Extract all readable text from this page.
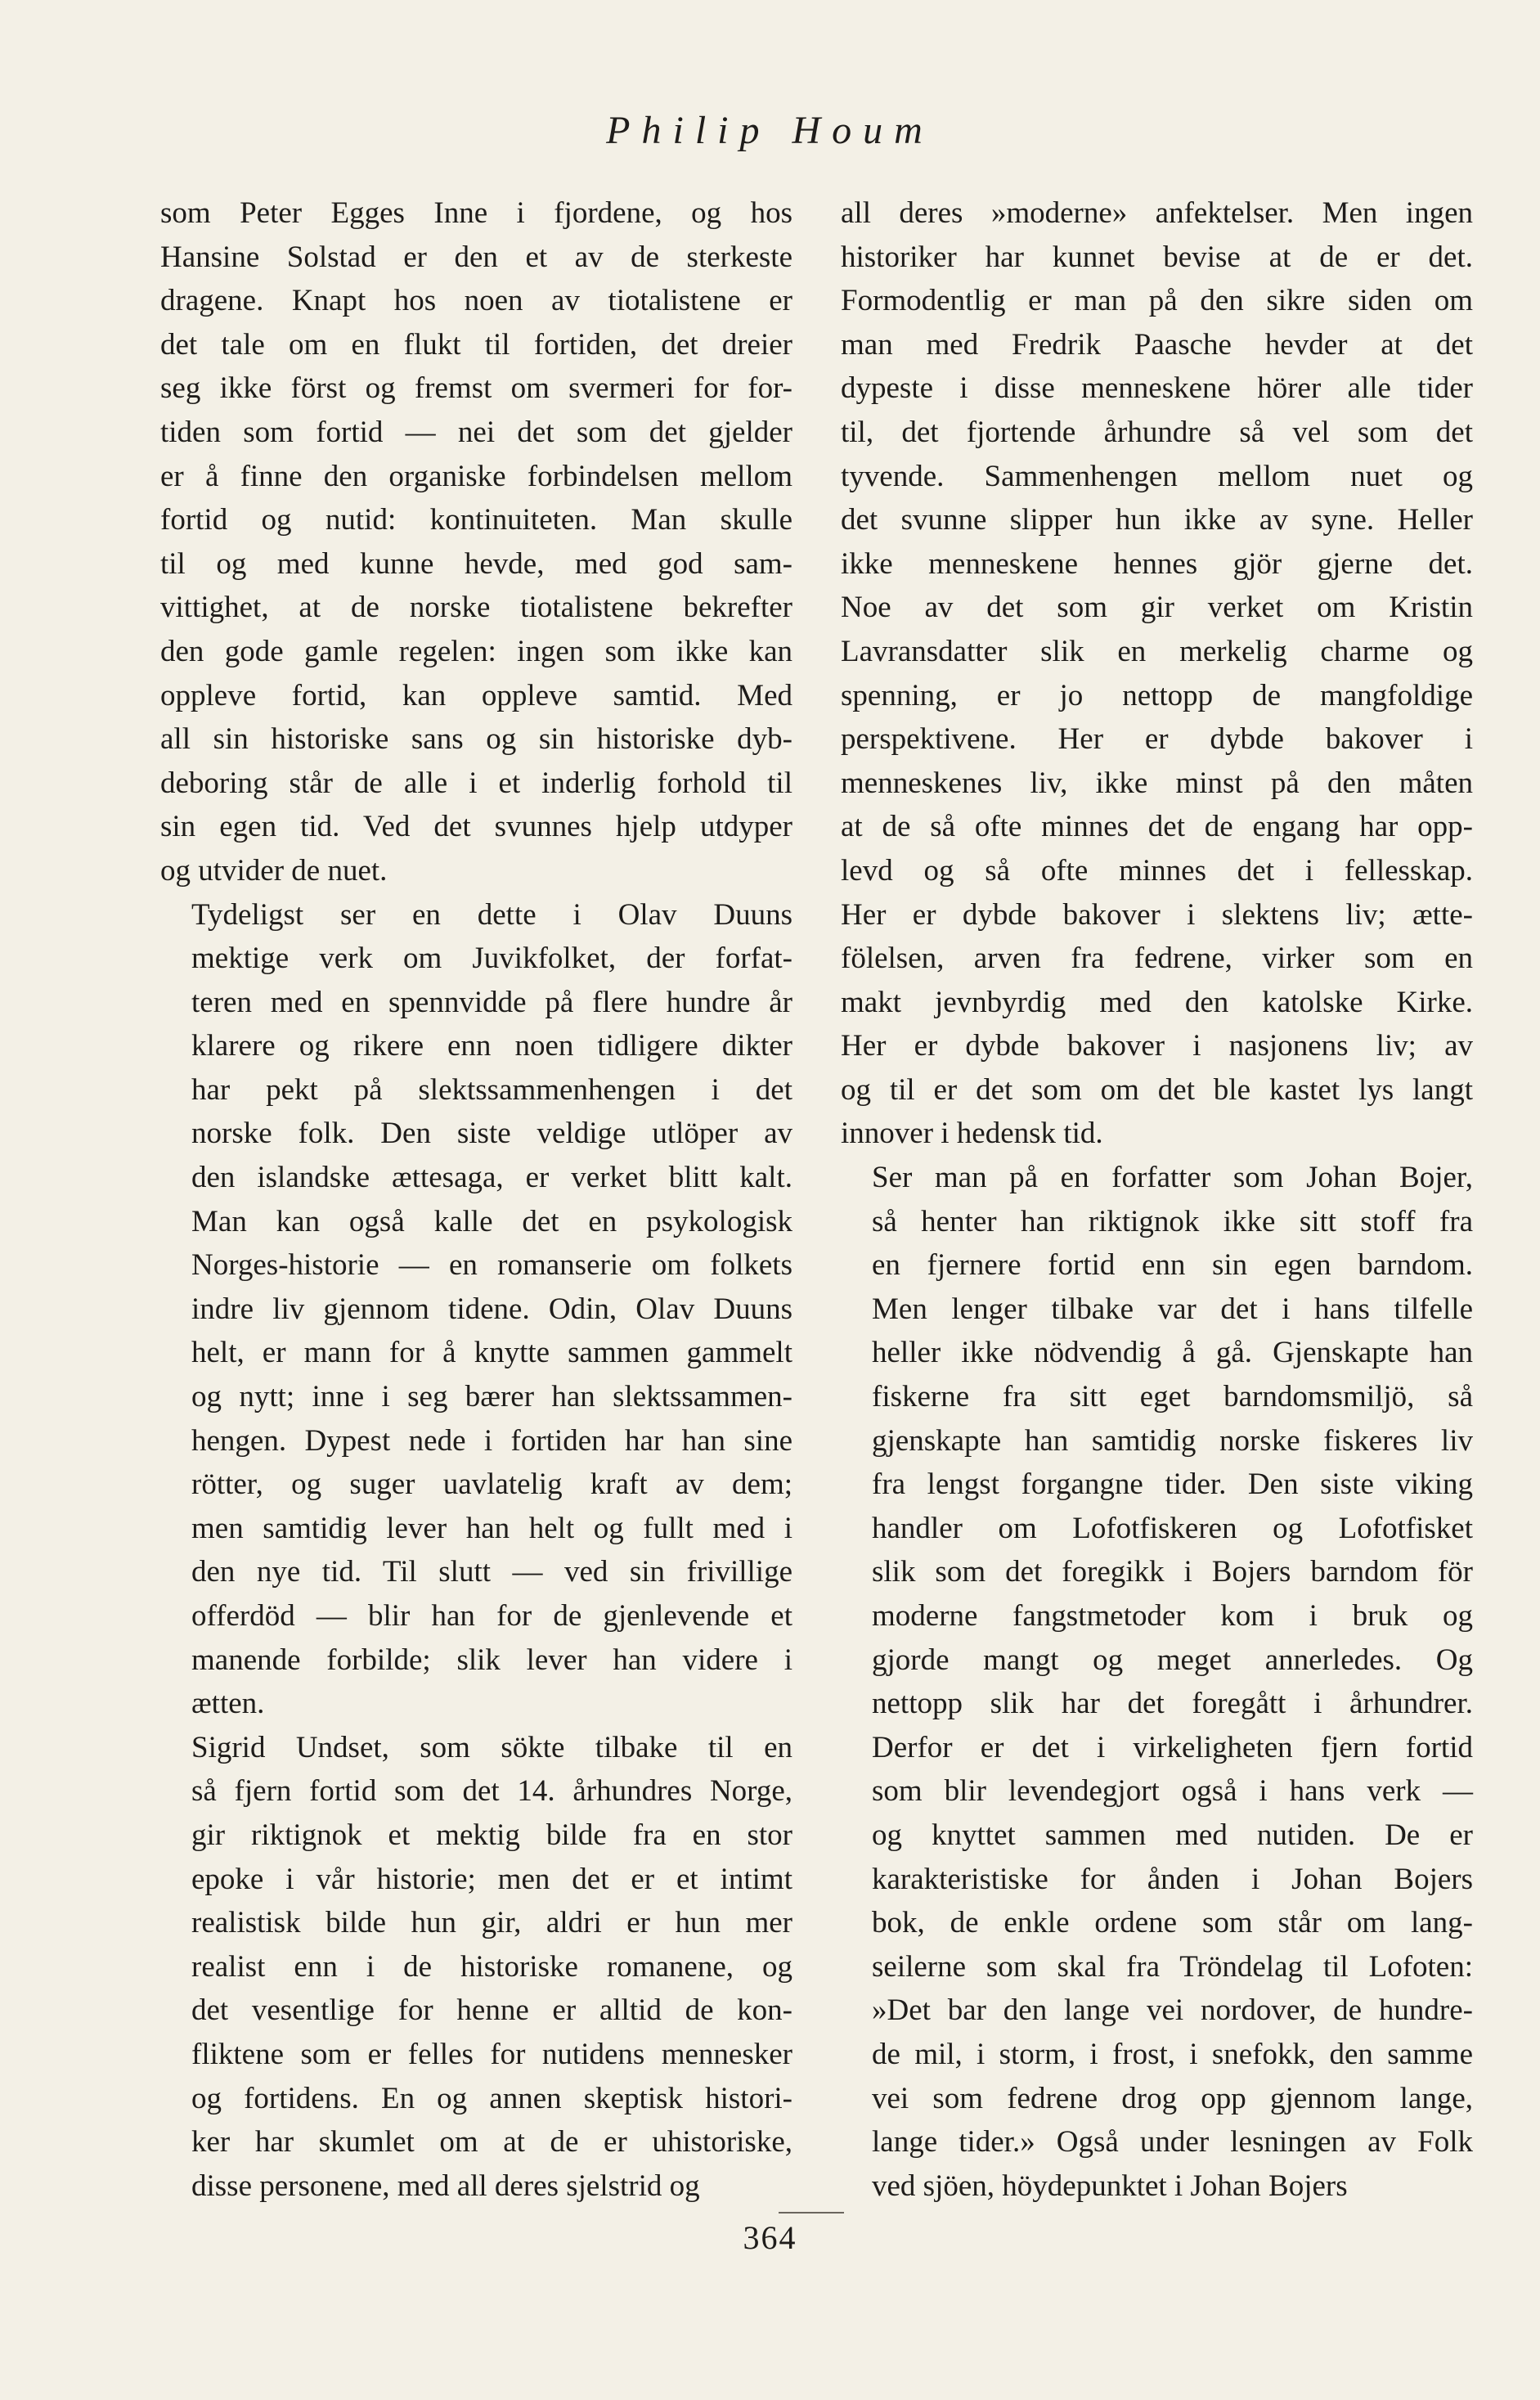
Philip Houm

som Peter Egges Inne i fjordene, og hos
Hansine Solstad er den et av de sterkeste
dragene. Knapt hos noen av tiotalistene er
det tale om en flukt til fortiden, det dreier
seg ikke först og fremst om svermeri for for-
tiden som fortid — nei det som det gjelder
er å finne den organiske forbindelsen mellom
fortid og nutid: kontinuiteten. Man skulle
til og med kunne hevde, med god sam-
vittighet, at de norske tiotalistene bekrefter
den gode gamle regelen: ingen som ikke kan
oppleve fortid, kan oppleve samtid. Med
all sin historiske sans og sin historiske dyb-
deboring står de alle i et inderlig forhold til
sin egen tid. Ved det svunnes hjelp utdyper
og utvider de nuet.

Tydeligst ser en dette i Olav Duuns
mektige verk om Juvikfolket, der forfat-
teren med en spennvidde på flere hundre år
klarere og rikere enn noen tidligere dikter
har pekt på slektssammenhengen i det
norske folk. Den siste veldige utlöper av
den islandske ættesaga, er verket blitt kalt.
Man kan også kalle det en psykologisk
Norges-historie — en romanserie om folkets
indre liv gjennom tidene. Odin, Olav Duuns
helt, er mann for å knytte sammen gammelt
og nytt; inne i seg bærer han slektssammen-
hengen. Dypest nede i fortiden har han sine
rötter, og suger uavlatelig kraft av dem;
men samtidig lever han helt og fullt med i
den nye tid. Til slutt — ved sin frivillige
offerdöd — blir han for de gjenlevende et
manende forbilde; slik lever han videre i
ætten.

Sigrid Undset, som sökte tilbake til en
så fjern fortid som det 14. århundres Norge,
gir riktignok et mektig bilde fra en stor
epoke i vår historie; men det er et intimt
realistisk bilde hun gir, aldri er hun mer
realist enn i de historiske romanene, og
det vesentlige for henne er alltid de kon-
fliktene som er felles for nutidens mennesker
og fortidens. En og annen skeptisk histori-
ker har skumlet om at de er uhistoriske,
disse personene, med all deres sjelstrid og

all deres »moderne» anfektelser. Men ingen
historiker har kunnet bevise at de er det.
Formodentlig er man på den sikre siden om
man med Fredrik Paasche hevder at det
dypeste i disse menneskene hörer alle tider
til, det fjortende århundre så vel som det
tyvende. Sammenhengen mellom nuet og
det svunne slipper hun ikke av syne. Heller
ikke menneskene hennes gjör gjerne det.
Noe av det som gir verket om Kristin
Lavransdatter slik en merkelig charme og
spenning, er jo nettopp de mangfoldige
perspektivene. Her er dybde bakover i
menneskenes liv, ikke minst på den måten
at de så ofte minnes det de engang har opp-
levd og så ofte minnes det i fellesskap.
Her er dybde bakover i slektens liv; ætte-
fölelsen, arven fra fedrene, virker som en
makt jevnbyrdig med den katolske Kirke.
Her er dybde bakover i nasjonens liv; av
og til er det som om det ble kastet lys langt
innover i hedensk tid.

Ser man på en forfatter som Johan Bojer,
så henter han riktignok ikke sitt stoff fra
en fjernere fortid enn sin egen barndom.
Men lenger tilbake var det i hans tilfelle
heller ikke nödvendig å gå. Gjenskapte han
fiskerne fra sitt eget barndomsmiljö, så
gjenskapte han samtidig norske fiskeres liv
fra lengst forgangne tider. Den siste viking
handler om Lofotfiskeren og Lofotfisket
slik som det foregikk i Bojers barndom för
moderne fangstmetoder kom i bruk og
gjorde mangt og meget annerledes. Og
nettopp slik har det foregått i århundrer.
Derfor er det i virkeligheten fjern fortid
som blir levendegjort også i hans verk —
og knyttet sammen med nutiden. De er
karakteristiske for ånden i Johan Bojers
bok, de enkle ordene som står om lang-
seilerne som skal fra Tröndelag til Lofoten:
»Det bar den lange vei nordover, de hundre-
de mil, i storm, i frost, i snefokk, den samme
vei som fedrene drog opp gjennom lange,
lange tider.» Også under lesningen av Folk
ved sjöen, höydepunktet i Johan Bojers

364
